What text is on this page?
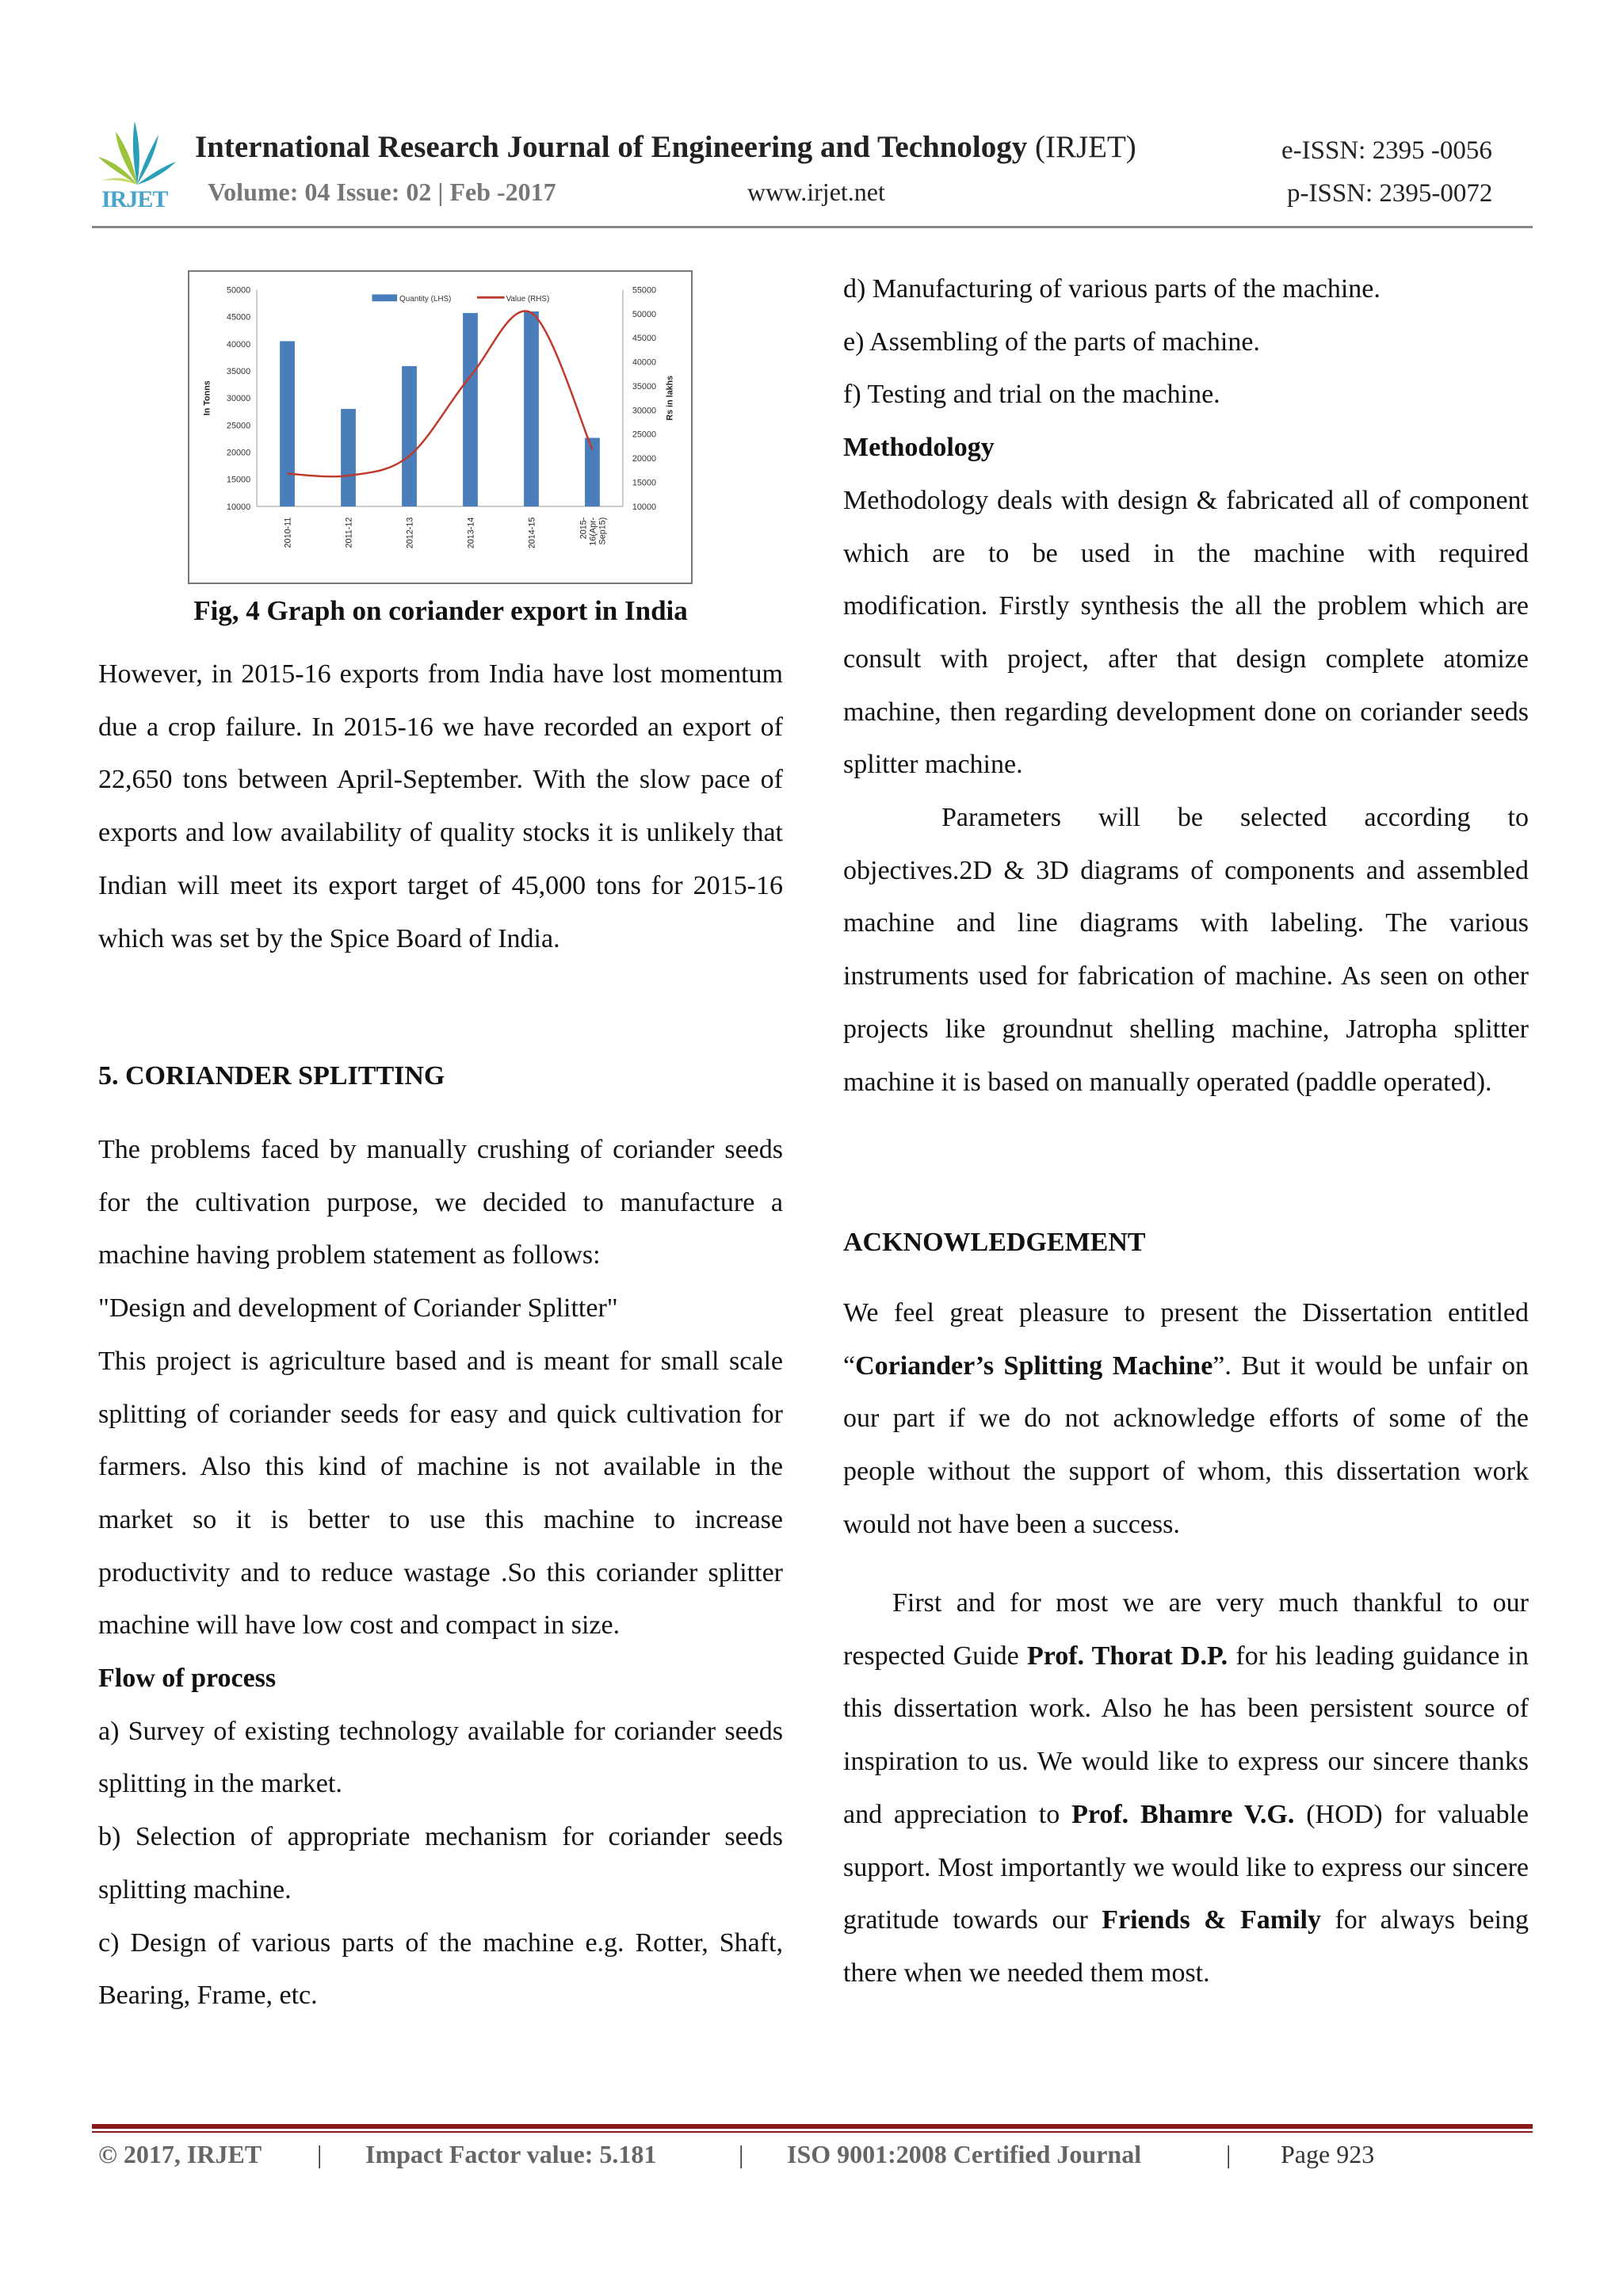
IRJET
International Research Journal of Engineering and Technology (IRJET)	e-ISSN: 2395 -0056
Volume: 04 Issue: 02 | Feb -2017	www.irjet.net	p-ISSN: 2395-0072
10000
15000
20000
25000
30000
35000
40000
45000
50000
10000
15000
20000
25000
30000
35000
40000
45000
50000
55000
In Tonns	Rs in lakhs
2010-11	2011-12	2012-13	2013-14	2014-15	2015- 16(Apr- Sep15)
Quantity (LHS)	Value (RHS)
Fig, 4 Graph on coriander export in India

However, in 2015-16 exports from India have lost momentum due a crop failure. In 2015-16 we have recorded an export of 22,650 tons between April-September. With the slow pace of exports and low availability of quality stocks it is unlikely that Indian will meet its export target of 45,000 tons for 2015-16 which was set by the Spice Board of India.

5. CORIANDER SPLITTING

The problems faced by manually crushing of coriander seeds for the cultivation purpose, we decided to manufacture a machine having problem statement as follows:

"Design and development of Coriander Splitter"

This project is agriculture based and is meant for small scale splitting of coriander seeds for easy and quick cultivation for farmers. Also this kind of machine is not available in the market so it is better to use this machine to increase productivity and to reduce wastage .So this coriander splitter machine will have low cost and compact in size.

Flow of process

a) Survey of existing technology available for coriander seeds splitting in the market.

b) Selection of appropriate mechanism for coriander seeds splitting machine.

c) Design of various parts of the machine e.g. Rotter, Shaft, Bearing, Frame, etc.

d) Manufacturing of various parts of the machine.

e) Assembling of the parts of machine.

f) Testing and trial on the machine.

Methodology

Methodology deals with design & fabricated all of component which are to be used in the machine with required modification. Firstly synthesis the all the problem which are consult with project, after that design complete atomize machine, then regarding development done on coriander seeds splitter machine.

Parameters will be selected according to objectives.2D & 3D diagrams of components and assembled machine and line diagrams with labeling. The various instruments used for fabrication of machine. As seen on other projects like groundnut shelling machine, Jatropha splitter machine it is based on manually operated (paddle operated).

ACKNOWLEDGEMENT

We feel great pleasure to present the Dissertation entitled “Coriander’s Splitting Machine”. But it would be unfair on our part if we do not acknowledge efforts of some of the people without the support of whom, this dissertation work would not have been a success.

First and for most we are very much thankful to our respected Guide Prof. Thorat D.P. for his leading guidance in this dissertation work. Also he has been persistent source of inspiration to us. We would like to express our sincere thanks and appreciation to Prof. Bhamre V.G. (HOD) for valuable support. Most importantly we would like to express our sincere gratitude towards our Friends & Family for always being there when we needed them most.

© 2017, IRJET | Impact Factor value: 5.181	| ISO 9001:2008 Certified Journal	| Page 923
